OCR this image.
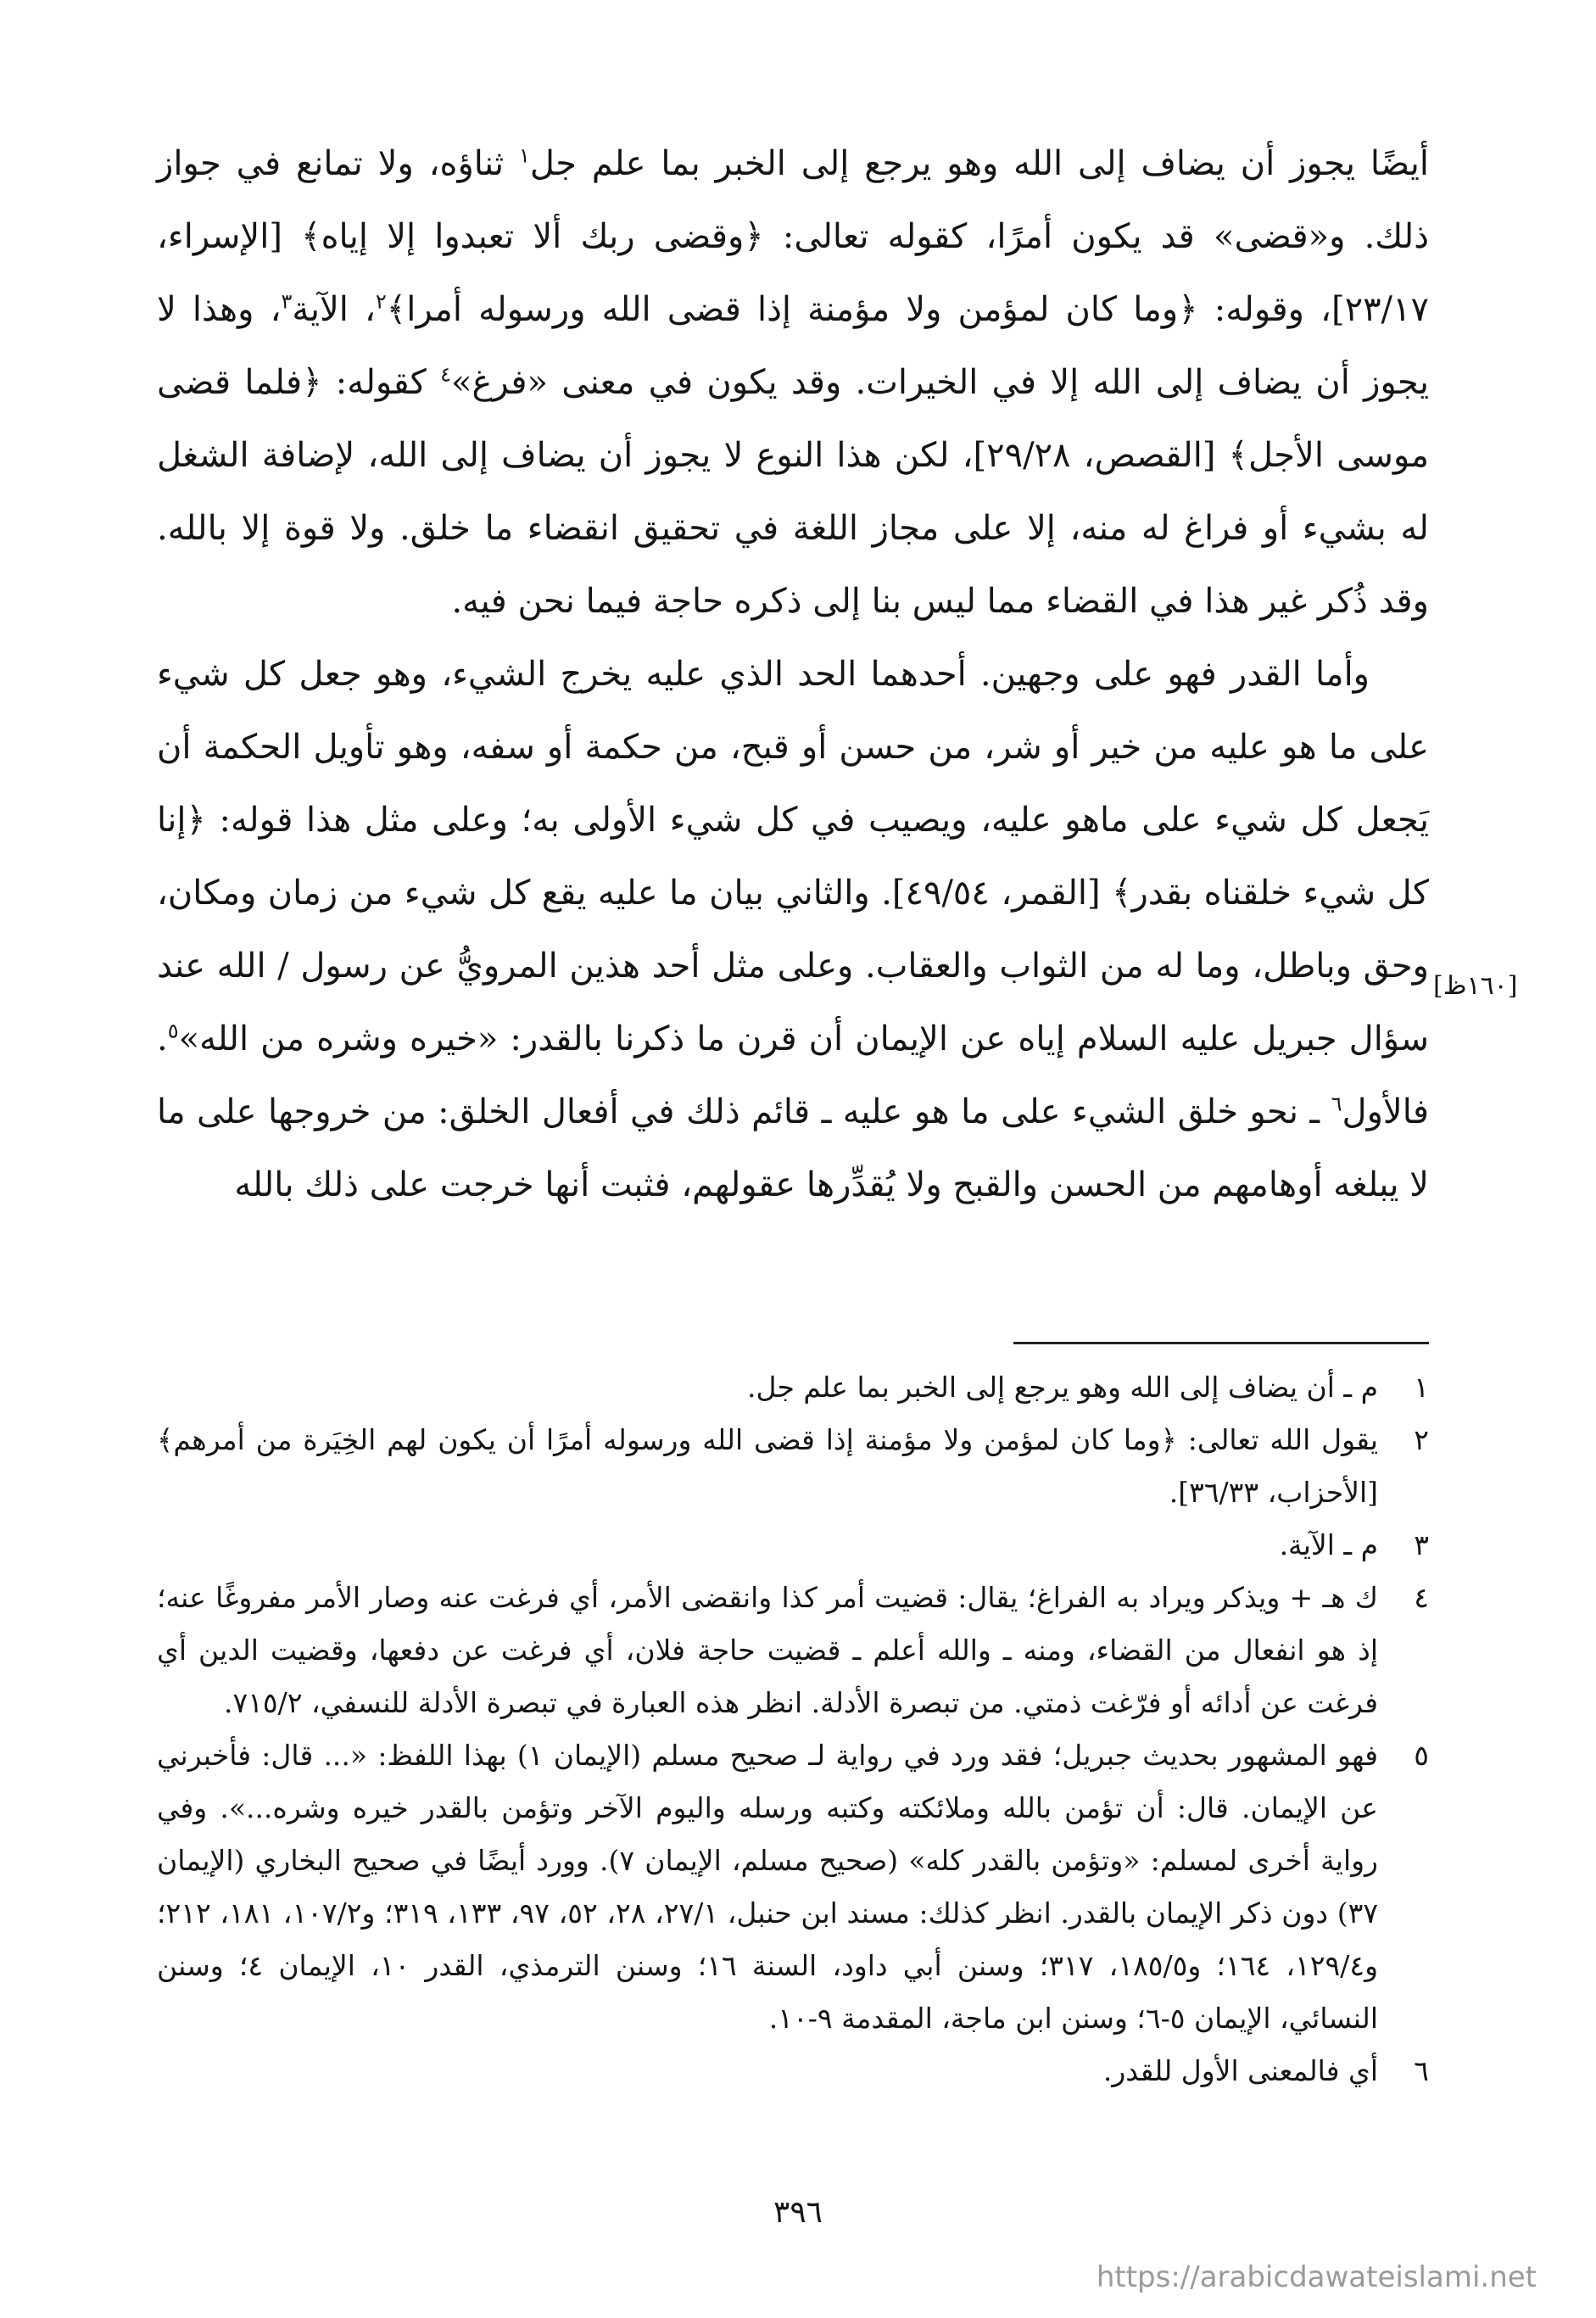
أيضًا يجوز أن يضاف إلى الله وهو يرجع إلى الخبر بما علم جل$^١$ ثناؤه، ولا تمانع في جواز ذلك. و«قضى» قد يكون أمرًا، كقوله تعالى: ﴿وقضى ربك ألا تعبدوا إلا إياه﴾ [الإسراء، ٢٣/١٧]، وقوله: ﴿وما كان لمؤمن ولا مؤمنة إذا قضى الله ورسوله أمرا﴾$^٢$، الآية$^٣$، وهذا لا يجوز أن يضاف إلى الله إلا في الخيرات. وقد يكون في معنى «فرغ»$^٤$ كقوله: ﴿فلما قضى موسى الأجل﴾ [القصص، ٢٩/٢٨]، لكن هذا النوع لا يجوز أن يضاف إلى الله، لإضافة الشغل له بشيء أو فراغ له منه، إلا على مجاز اللغة في تحقيق انقضاء ما خلق. ولا قوة إلا بالله. وقد ذُكر غير هذا في القضاء مما ليس بنا إلى ذكره حاجة فيما نحن فيه.

وأما القدر فهو على وجهين. أحدهما الحد الذي عليه يخرج الشيء، وهو جعل كل شيء على ما هو عليه من خير أو شر، من حسن أو قبح، من حكمة أو سفه، وهو تأويل الحكمة أن يَجعل كل شيء على ماهو عليه، ويصيب في كل شيء الأولى به؛ وعلى مثل هذا قوله: ﴿إنا كل شيء خلقناه بقدر﴾ [القمر، ٤٩/٥٤]. والثاني بيان ما عليه يقع كل شيء من زمان ومكان، وحق وباطل، وما له من الثواب والعقاب. وعلى مثل أحد هذين المرويُّ عن رسول / الله عند سؤال جبريل عليه السلام إياه عن الإيمان أن قرن ما ذكرنا بالقدر: «خيره وشره من الله»$^٥$. فالأول$^٦$ ـ نحو خلق الشيء على ما هو عليه ـ قائم ذلك في أفعال الخلق: من خروجها على ما لا يبلغه أوهامهم من الحسن والقبح ولا يُقدِّرها عقولهم، فثبت أنها خرجت على ذلك بالله

[١٦٠ظ]

١
م ـ أن يضاف إلى الله وهو يرجع إلى الخبر بما علم جل.

٢
يقول الله تعالى: ﴿وما كان لمؤمن ولا مؤمنة إذا قضى الله ورسوله أمرًا أن يكون لهم الخِيَرة من أمرهم﴾ [الأحزاب، ٣٦/٣٣].

٣
م ـ الآية.

٤
ك هـ + ويذكر ويراد به الفراغ؛ يقال: قضيت أمر كذا وانقضى الأمر، أي فرغت عنه وصار الأمر مفروغًا عنه؛ إذ هو انفعال من القضاء، ومنه ـ والله أعلم ـ قضيت حاجة فلان، أي فرغت عن دفعها، وقضيت الدين أي فرغت عن أدائه أو فرّغت ذمتي. من تبصرة الأدلة. انظر هذه العبارة في تبصرة الأدلة للنسفي، ٧١٥/٢.

٥
فهو المشهور بحديث جبريل؛ فقد ورد في رواية لـ صحيح مسلم (الإيمان ١) بهذا اللفظ: «... قال: فأخبرني عن الإيمان. قال: أن تؤمن بالله وملائكته وكتبه ورسله واليوم الآخر وتؤمن بالقدر خيره وشره...». وفي رواية أخرى لمسلم: «وتؤمن بالقدر كله» (صحيح مسلم، الإيمان ٧). وورد أيضًا في صحيح البخاري (الإيمان ٣٧) دون ذكر الإيمان بالقدر. انظر كذلك: مسند ابن حنبل، ٢٧/١، ٢٨، ٥٢، ٩٧، ١٣٣، ٣١٩؛ و١٠٧/٢، ١٨١، ٢١٢؛ و١٢٩/٤، ١٦٤؛ و١٨٥/٥، ٣١٧؛ وسنن أبي داود، السنة ١٦؛ وسنن الترمذي، القدر ١٠، الإيمان ٤؛ وسنن النسائي، الإيمان ٥-٦؛ وسنن ابن ماجة، المقدمة ٩-١٠.

٦
أي فالمعنى الأول للقدر.

٣٩٦
https://arabicdawateislami.net
